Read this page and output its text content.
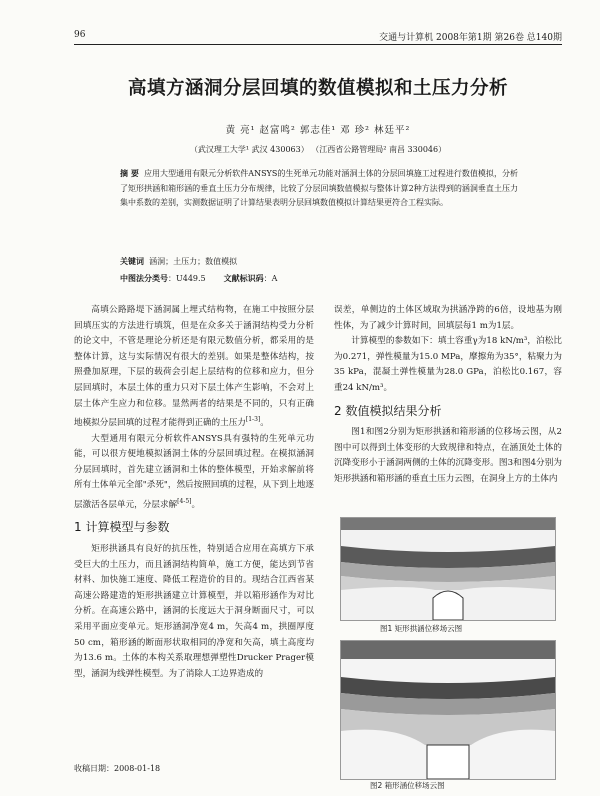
96	交通与计算机 2008年第1期 第26卷 总140期
高填方涵洞分层回填的数值模拟和土压力分析
黄 亮¹ 赵富鸣² 郭志佳¹ 邓 珍² 林廷平²
（武汉理工大学¹ 武汉 430063） （江西省公路管理局² 南昌 330046）
摘 要 应用大型通用有限元分析软件ANSYS的生死单元功能对涵洞土体的分层回填施工过程进行数值模拟，分析了矩形拱涵和箱形涵的垂直土压力分布规律，比较了分层回填数值模拟与整体计算2种方法得到的涵洞垂直土压力集中系数的差别，实测数据证明了计算结果表明分层回填数值模拟计算结果更符合工程实际。
关键词 涵洞；土压力；数值模拟
中图法分类号：U449.5 文献标识码：A

高填公路路堤下涵洞属上埋式结构物，在施工中按照分层回填压实的方法进行填筑，但是在众多关于涵洞结构受力分析的论文中，不管是理论分析还是有限元数值分析，都采用的是整体计算，这与实际情况有很大的差别。如果是整体结构，按照叠加原理，下层的载荷会引起上层结构的位移和应力，但分层回填时，本层土体的重力只对下层土体产生影响，不会对上层土体产生应力和位移。显然两者的结果是不同的，只有正确地模拟分层回填的过程才能得到正确的土压力[1-3]。

大型通用有限元分析软件ANSYS具有强特的生死单元功能，可以很方便地模拟涵洞土体的分层回填过程。在模拟涵洞分层回填时，首先建立涵洞和土体的整体模型，开始求解前将所有土体单元全部"杀死"，然后按照回填的过程，从下到上地逐层激活各层单元，分层求解[4-5]。

1 计算模型与参数

矩形拱涵具有良好的抗压性，特别适合应用在高填方下承受巨大的土压力，而且涵洞结构简单，施工方便，能达到节省材料、加快施工速度、降低工程造价的目的。现结合江西省某高速公路建造的矩形拱涵建立计算模型，并以箱形涵作为对比分析。在高速公路中，涵洞的长度远大于洞身断面尺寸，可以采用平面应变单元。矩形涵洞净宽4 m，矢高4 m，拱圈厚度50 cm，箱形涵的断面形状取相同的净宽和矢高，填土高度均为13.6 m。土体的本构关系取理想弹塑性Drucker Prager模型，涵洞为线弹性模型。为了消除人工边界造成的

误差，单侧边的土体区域取为拱涵净跨的6倍，设地基为刚性体，为了减少计算时间，回填层每1 m为1层。

计算模型的参数如下：填土容重γ为18 kN/m³，泊松比为0.271，弹性模量为15.0 MPa，摩擦角为35°，粘聚力为35 kPa，混凝土弹性模量为28.0 GPa，泊松比0.167，容重24 kN/m³。

2 数值模拟结果分析

图1和图2分别为矩形拱涵和箱形涵的位移场云图，从2图中可以得到土体变形的大致规律和特点，在涵顶处土体的沉降变形小于涵洞两侧的土体的沉降变形。图3和图4分别为矩形拱涵和箱形涵的垂直土压力云图，在洞身上方的土体内

图1 矩形拱涵位移场云图
图2 箱形涵位移场云图
收稿日期：2008-01-18
